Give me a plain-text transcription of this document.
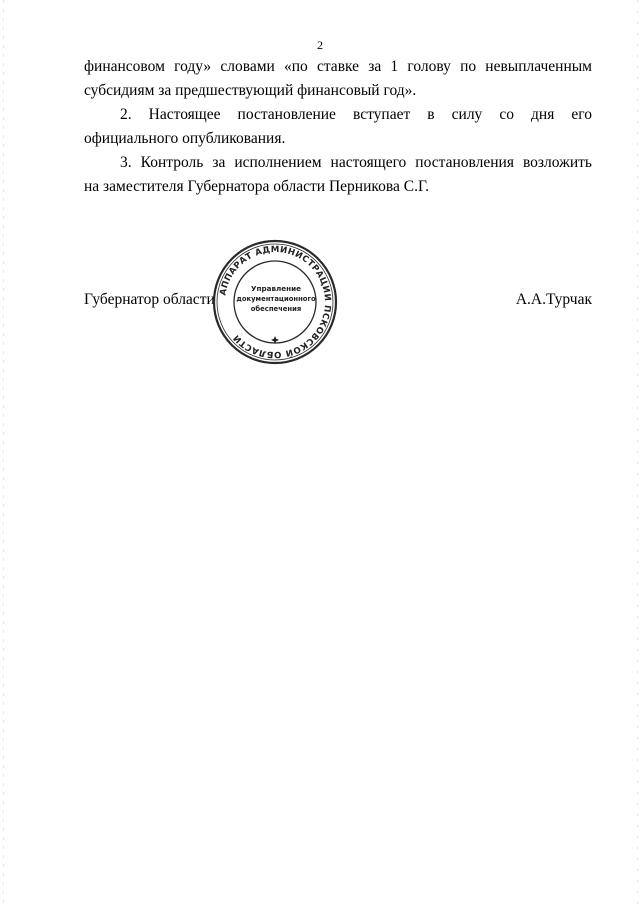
2
финансовом году» словами «по ставке за 1 голову по невыплаченным
субсидиям за предшествующий финансовый год».
2. Настоящее постановление вступает в силу со дня его
официального опубликования.
3. Контроль за исполнением настоящего постановления возложить
на заместителя Губернатора области Перникова С.Г.
Губернатор области	А.А.Турчак
АППАРАТ АДМИНИСТРАЦИИ ПСКОВСКОЙ ОБЛАСТИ
Управление
документационного
обеспечения
